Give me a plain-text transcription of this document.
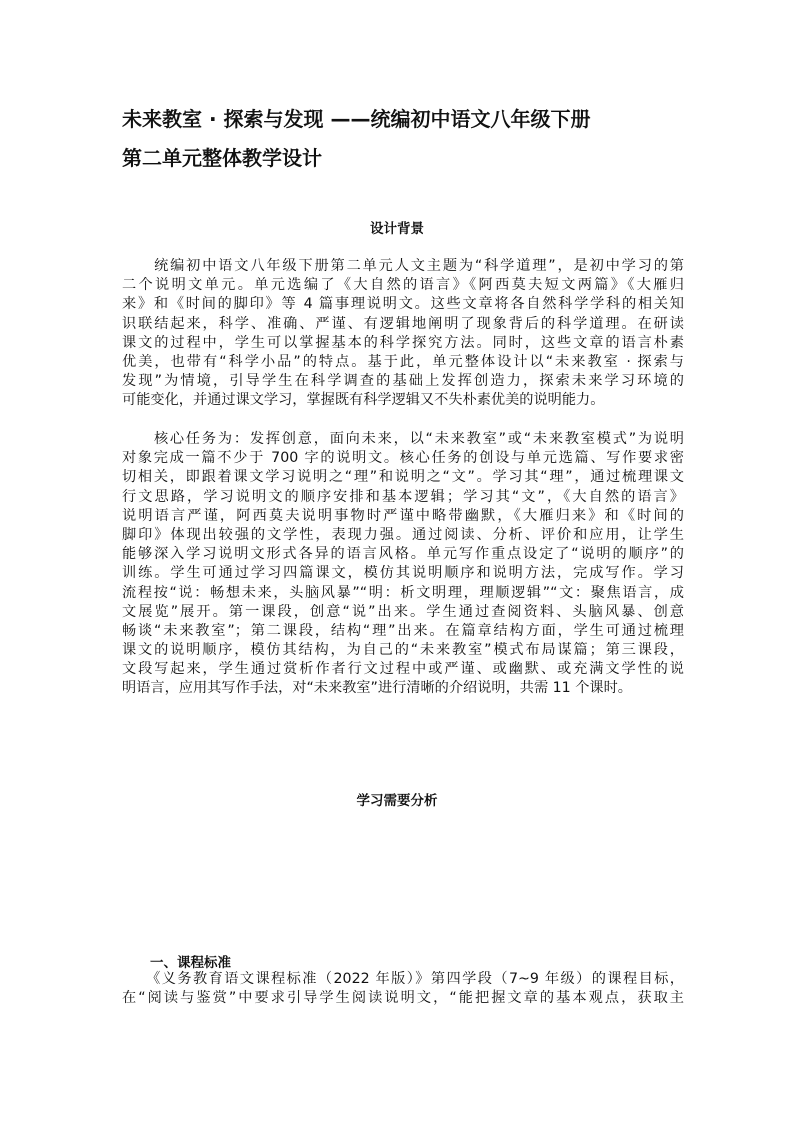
未来教室 · 探索与发现 ——统编初中语文八年级下册
第二单元整体教学设计
设计背景
　　统编初中语文八年级下册第二单元人文主题为“科学道理”，是初中学习的第
二个说明文单元。单元选编了《大自然的语言》《阿西莫夫短文两篇》《大雁归
来》和《时间的脚印》等 4 篇事理说明文。这些文章将各自然科学学科的相关知
识联结起来，科学、准确、严谨、有逻辑地阐明了现象背后的科学道理。在研读
课文的过程中，学生可以掌握基本的科学探究方法。同时，这些文章的语言朴素
优美，也带有“科学小品”的特点。基于此，单元整体设计以“未来教室 · 探索与
发现”为情境，引导学生在科学调查的基础上发挥创造力，探索未来学习环境的
可能变化，并通过课文学习，掌握既有科学逻辑又不失朴素优美的说明能力。
　　核心任务为：发挥创意，面向未来，以“未来教室”或“未来教室模式”为说明
对象完成一篇不少于 700 字的说明文。核心任务的创设与单元选篇、写作要求密
切相关，即跟着课文学习说明之“理”和说明之“文”。学习其“理”，通过梳理课文
行文思路，学习说明文的顺序安排和基本逻辑；学习其“文”，《大自然的语言》
说明语言严谨，阿西莫夫说明事物时严谨中略带幽默，《大雁归来》和《时间的
脚印》体现出较强的文学性，表现力强。通过阅读、分析、评价和应用，让学生
能够深入学习说明文形式各异的语言风格。单元写作重点设定了“说明的顺序”的
训练。学生可通过学习四篇课文，模仿其说明顺序和说明方法，完成写作。学习
流程按“说：畅想未来，头脑风暴”“明：析文明理，理顺逻辑”“文：聚焦语言，成
文展览”展开。第一课段，创意“说”出来。学生通过查阅资料、头脑风暴、创意
畅谈“未来教室”；第二课段，结构“理”出来。在篇章结构方面，学生可通过梳理
课文的说明顺序，模仿其结构，为自己的“未来教室”模式布局谋篇；第三课段，
文段写起来，学生通过赏析作者行文过程中或严谨、或幽默、或充满文学性的说
明语言，应用其写作手法，对“未来教室”进行清晰的介绍说明，共需 11 个课时。
学习需要分析
一、课程标准
　　《义务教育语文课程标准（2022 年版）》第四学段（7~9 年级）的课程目标，
在“阅读与鉴赏”中要求引导学生阅读说明文，“能把握文章的基本观点，获取主
